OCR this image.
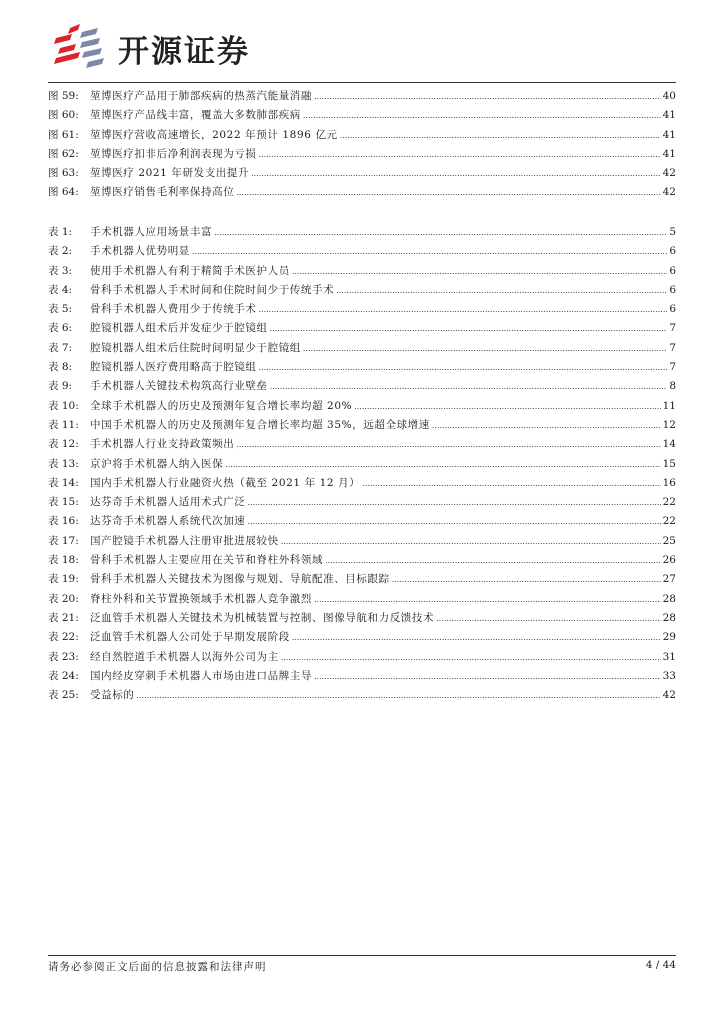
开源证券
图 59:	堃博医疗产品用于肺部疾病的热蒸汽能量消融 .....	40
图 60:	堃博医疗产品线丰富，覆盖大多数肺部疾病 .....	41
图 61:	堃博医疗营收高速增长，2022 年预计 1896 亿元 .....	41
图 62:	堃博医疗扣非后净利润表现为亏损 .....	41
图 63:	堃博医疗 2021 年研发支出提升 .....	42
图 64:	堃博医疗销售毛利率保持高位 .....	42
表 1:	手术机器人应用场景丰富 .....	5
表 2:	手术机器人优势明显 .....	6
表 3:	使用手术机器人有利于精简手术医护人员 .....	6
表 4:	骨科手术机器人手术时间和住院时间少于传统手术 .....	6
表 5:	骨科手术机器人费用少于传统手术 .....	6
表 6:	腔镜机器人组术后并发症少于腔镜组 .....	7
表 7:	腔镜机器人组术后住院时间明显少于腔镜组 .....	7
表 8:	腔镜机器人医疗费用略高于腔镜组 .....	7
表 9:	手术机器人关键技术构筑高行业壁垒 .....	8
表 10:	全球手术机器人的历史及预测年复合增长率均超 20% .....	11
表 11:	中国手术机器人的历史及预测年复合增长率均超 35%，远超全球增速 .....	12
表 12:	手术机器人行业支持政策频出 .....	14
表 13:	京沪将手术机器人纳入医保 .....	15
表 14:	国内手术机器人行业融资火热（截至 2021 年 12 月） .....	16
表 15:	达芬奇手术机器人适用术式广泛 .....	22
表 16:	达芬奇手术机器人系统代次加速 .....	22
表 17:	国产腔镜手术机器人注册审批进展较快 .....	25
表 18:	骨科手术机器人主要应用在关节和脊柱外科领域 .....	26
表 19:	骨科手术机器人关键技术为图像与规划、导航配准、目标跟踪 .....	27
表 20:	脊柱外科和关节置换领域手术机器人竞争激烈 .....	28
表 21:	泛血管手术机器人关键技术为机械装置与控制、图像导航和力反馈技术 .....	28
表 22:	泛血管手术机器人公司处于早期发展阶段 .....	29
表 23:	经自然腔道手术机器人以海外公司为主 .....	31
表 24:	国内经皮穿刺手术机器人市场由进口品牌主导 .....	33
表 25:	受益标的 .....	42
请务必参阅正文后面的信息披露和法律声明	4 / 44
